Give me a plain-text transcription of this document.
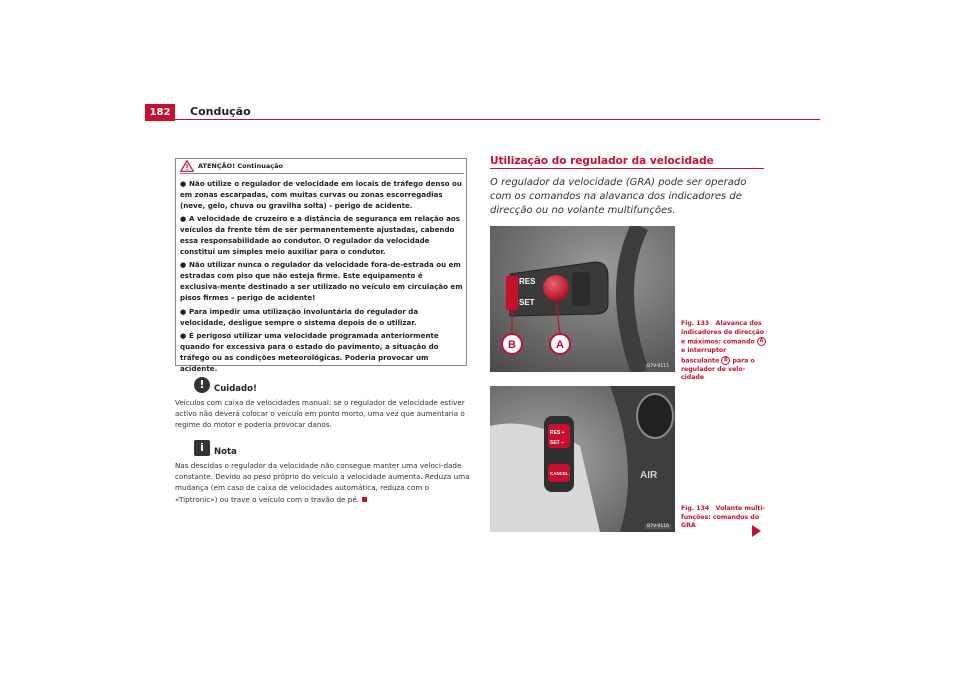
182	Condução
ATENÇÃO! Continuação
● Não utilize o regulador de velocidade em locais de tráfego denso ou em zonas escarpadas, com muitas curvas ou zonas escorregadias (neve, gelo, chuva ou gravilha solta) - perigo de acidente.
● A velocidade de cruzeiro e a distância de segurança em relação aos veículos da frente têm de ser permanentemente ajustadas, cabendo essa responsabilidade ao condutor. O regulador da velocidade constitui um simples meio auxiliar para o condutor.
● Não utilizar nunca o regulador da velocidade fora-de-estrada ou em estradas com piso que não esteja firme. Este equipamento é exclusiva-mente destinado a ser utilizado no veículo em circulação em pisos firmes – perigo de acidente!
● Para impedir uma utilização involuntária do regulador da velocidade, desligue sempre o sistema depois de o utilizar.
● É perigoso utilizar uma velocidade programada anteriormente quando for excessiva para o estado do pavimento, a situação do tráfego ou as condições meteorológicas. Poderia provocar um acidente.
!	Cuidado!
Veículos com caixa de velocidades manual: se o regulador de velocidade estiver activo não deverá colocar o veículo em ponto morto, uma vez que aumentaria o regime do motor e poderia provocar danos.
i	Nota
Nas descidas o regulador da velocidade não consegue manter uma veloci-dade constante. Devido ao peso próprio do veículo a velocidade aumenta. Reduza uma mudança (em caso de caixa de velocidades automática, reduza com o «Tiptronic») ou trave o veículo com o travão de pé.
Utilização do regulador da velocidade
O regulador da velocidade (GRA) pode ser operado com os comandos na alavanca dos indicadores de direcção ou no volante multifunções.
RES
SET
B	A
B7V-0115
RES +
SET –
CANCEL	AIR
B7V-0116
Fig. 133 Alavanca dos indicadores de direcção e máximos: comando A e interruptor basculante B para o regulador de velo-cidade
Fig. 134 Volante multi-funções: comandos do GRA
